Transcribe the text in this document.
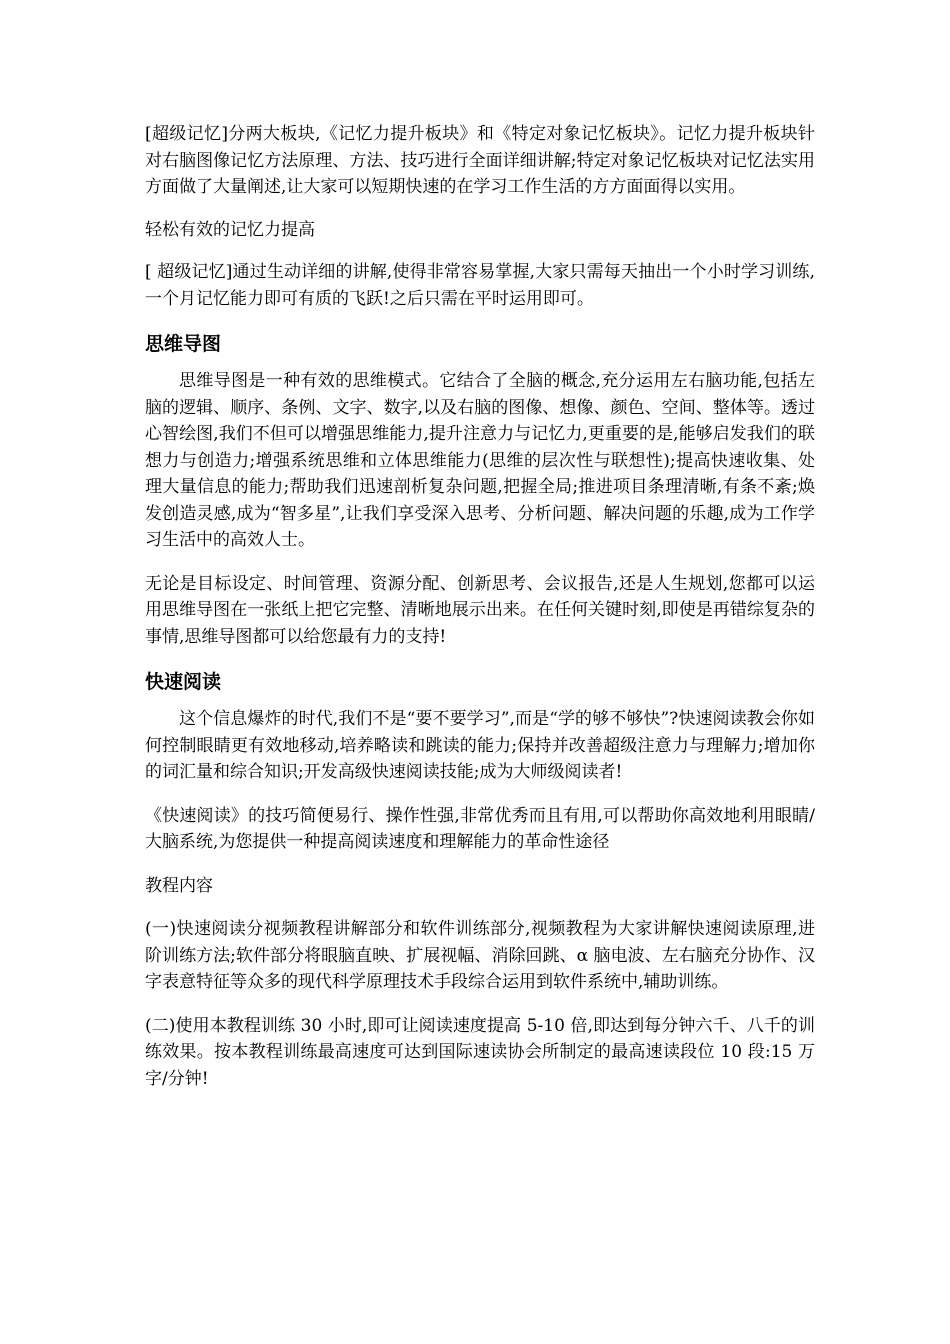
[超级记忆]分两大板块,《记忆力提升板块》和《特定对象记忆板块》。记忆力提升板块针对右脑图像记忆方法原理、方法、技巧进行全面详细讲解;特定对象记忆板块对记忆法实用方面做了大量阐述,让大家可以短期快速的在学习工作生活的方方面面得以实用。

轻松有效的记忆力提高

[ 超级记忆]通过生动详细的讲解,使得非常容易掌握,大家只需每天抽出一个小时学习训练,一个月记忆能力即可有质的飞跃!之后只需在平时运用即可。

思维导图

思维导图是一种有效的思维模式。它结合了全脑的概念,充分运用左右脑功能,包括左脑的逻辑、顺序、条例、文字、数字,以及右脑的图像、想像、颜色、空间、整体等。透过心智绘图,我们不但可以增强思维能力,提升注意力与记忆力,更重要的是,能够启发我们的联想力与创造力;增强系统思维和立体思维能力(思维的层次性与联想性);提高快速收集、处理大量信息的能力;帮助我们迅速剖析复杂问题,把握全局;推进项目条理清晰,有条不紊;焕发创造灵感,成为“智多星”,让我们享受深入思考、分析问题、解决问题的乐趣,成为工作学习生活中的高效人士。

无论是目标设定、时间管理、资源分配、创新思考、会议报告,还是人生规划,您都可以运用思维导图在一张纸上把它完整、清晰地展示出来。在任何关键时刻,即使是再错综复杂的事情,思维导图都可以给您最有力的支持!

快速阅读

这个信息爆炸的时代,我们不是“要不要学习”,而是“学的够不够快”?快速阅读教会你如何控制眼睛更有效地移动,培养略读和跳读的能力;保持并改善超级注意力与理解力;增加你的词汇量和综合知识;开发高级快速阅读技能;成为大师级阅读者!

《快速阅读》的技巧简便易行、操作性强,非常优秀而且有用,可以帮助你高效地利用眼睛/大脑系统,为您提供一种提高阅读速度和理解能力的革命性途径

教程内容

(一)快速阅读分视频教程讲解部分和软件训练部分,视频教程为大家讲解快速阅读原理,进阶训练方法;软件部分将眼脑直映、扩展视幅、消除回跳、α 脑电波、左右脑充分协作、汉字表意特征等众多的现代科学原理技术手段综合运用到软件系统中,辅助训练。

(二)使用本教程训练 30 小时,即可让阅读速度提高 5-10 倍,即达到每分钟六千、八千的训练效果。按本教程训练最高速度可达到国际速读协会所制定的最高速读段位 10 段:15 万字/分钟!
